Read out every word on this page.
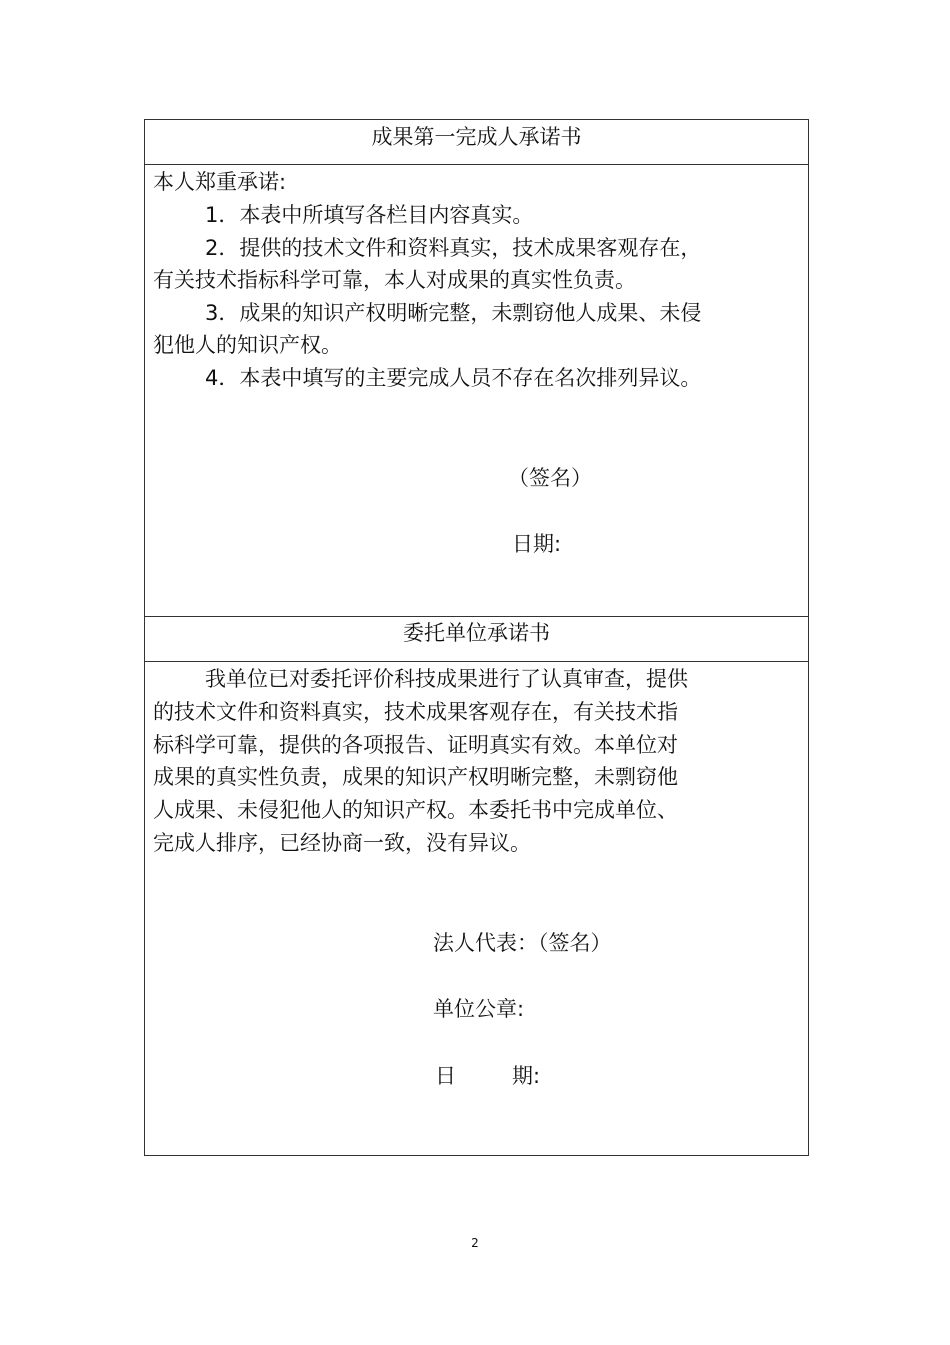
成果第一完成人承诺书
本人郑重承诺:
1．本表中所填写各栏目内容真实。
2．提供的技术文件和资料真实，技术成果客观存在，
有关技术指标科学可靠，本人对成果的真实性负责。
3．成果的知识产权明晰完整，未剽窃他人成果、未侵
犯他人的知识产权。
4．本表中填写的主要完成人员不存在名次排列异议。
（签名）
日期:
委托单位承诺书
我单位已对委托评价科技成果进行了认真审查，提供
的技术文件和资料真实，技术成果客观存在，有关技术指
标科学可靠，提供的各项报告、证明真实有效。本单位对
成果的真实性负责，成果的知识产权明晰完整，未剽窃他
人成果、未侵犯他人的知识产权。本委托书中完成单位、
完成人排序，已经协商一致，没有异议。
法人代表：（签名）
单位公章:
日	期:
2
